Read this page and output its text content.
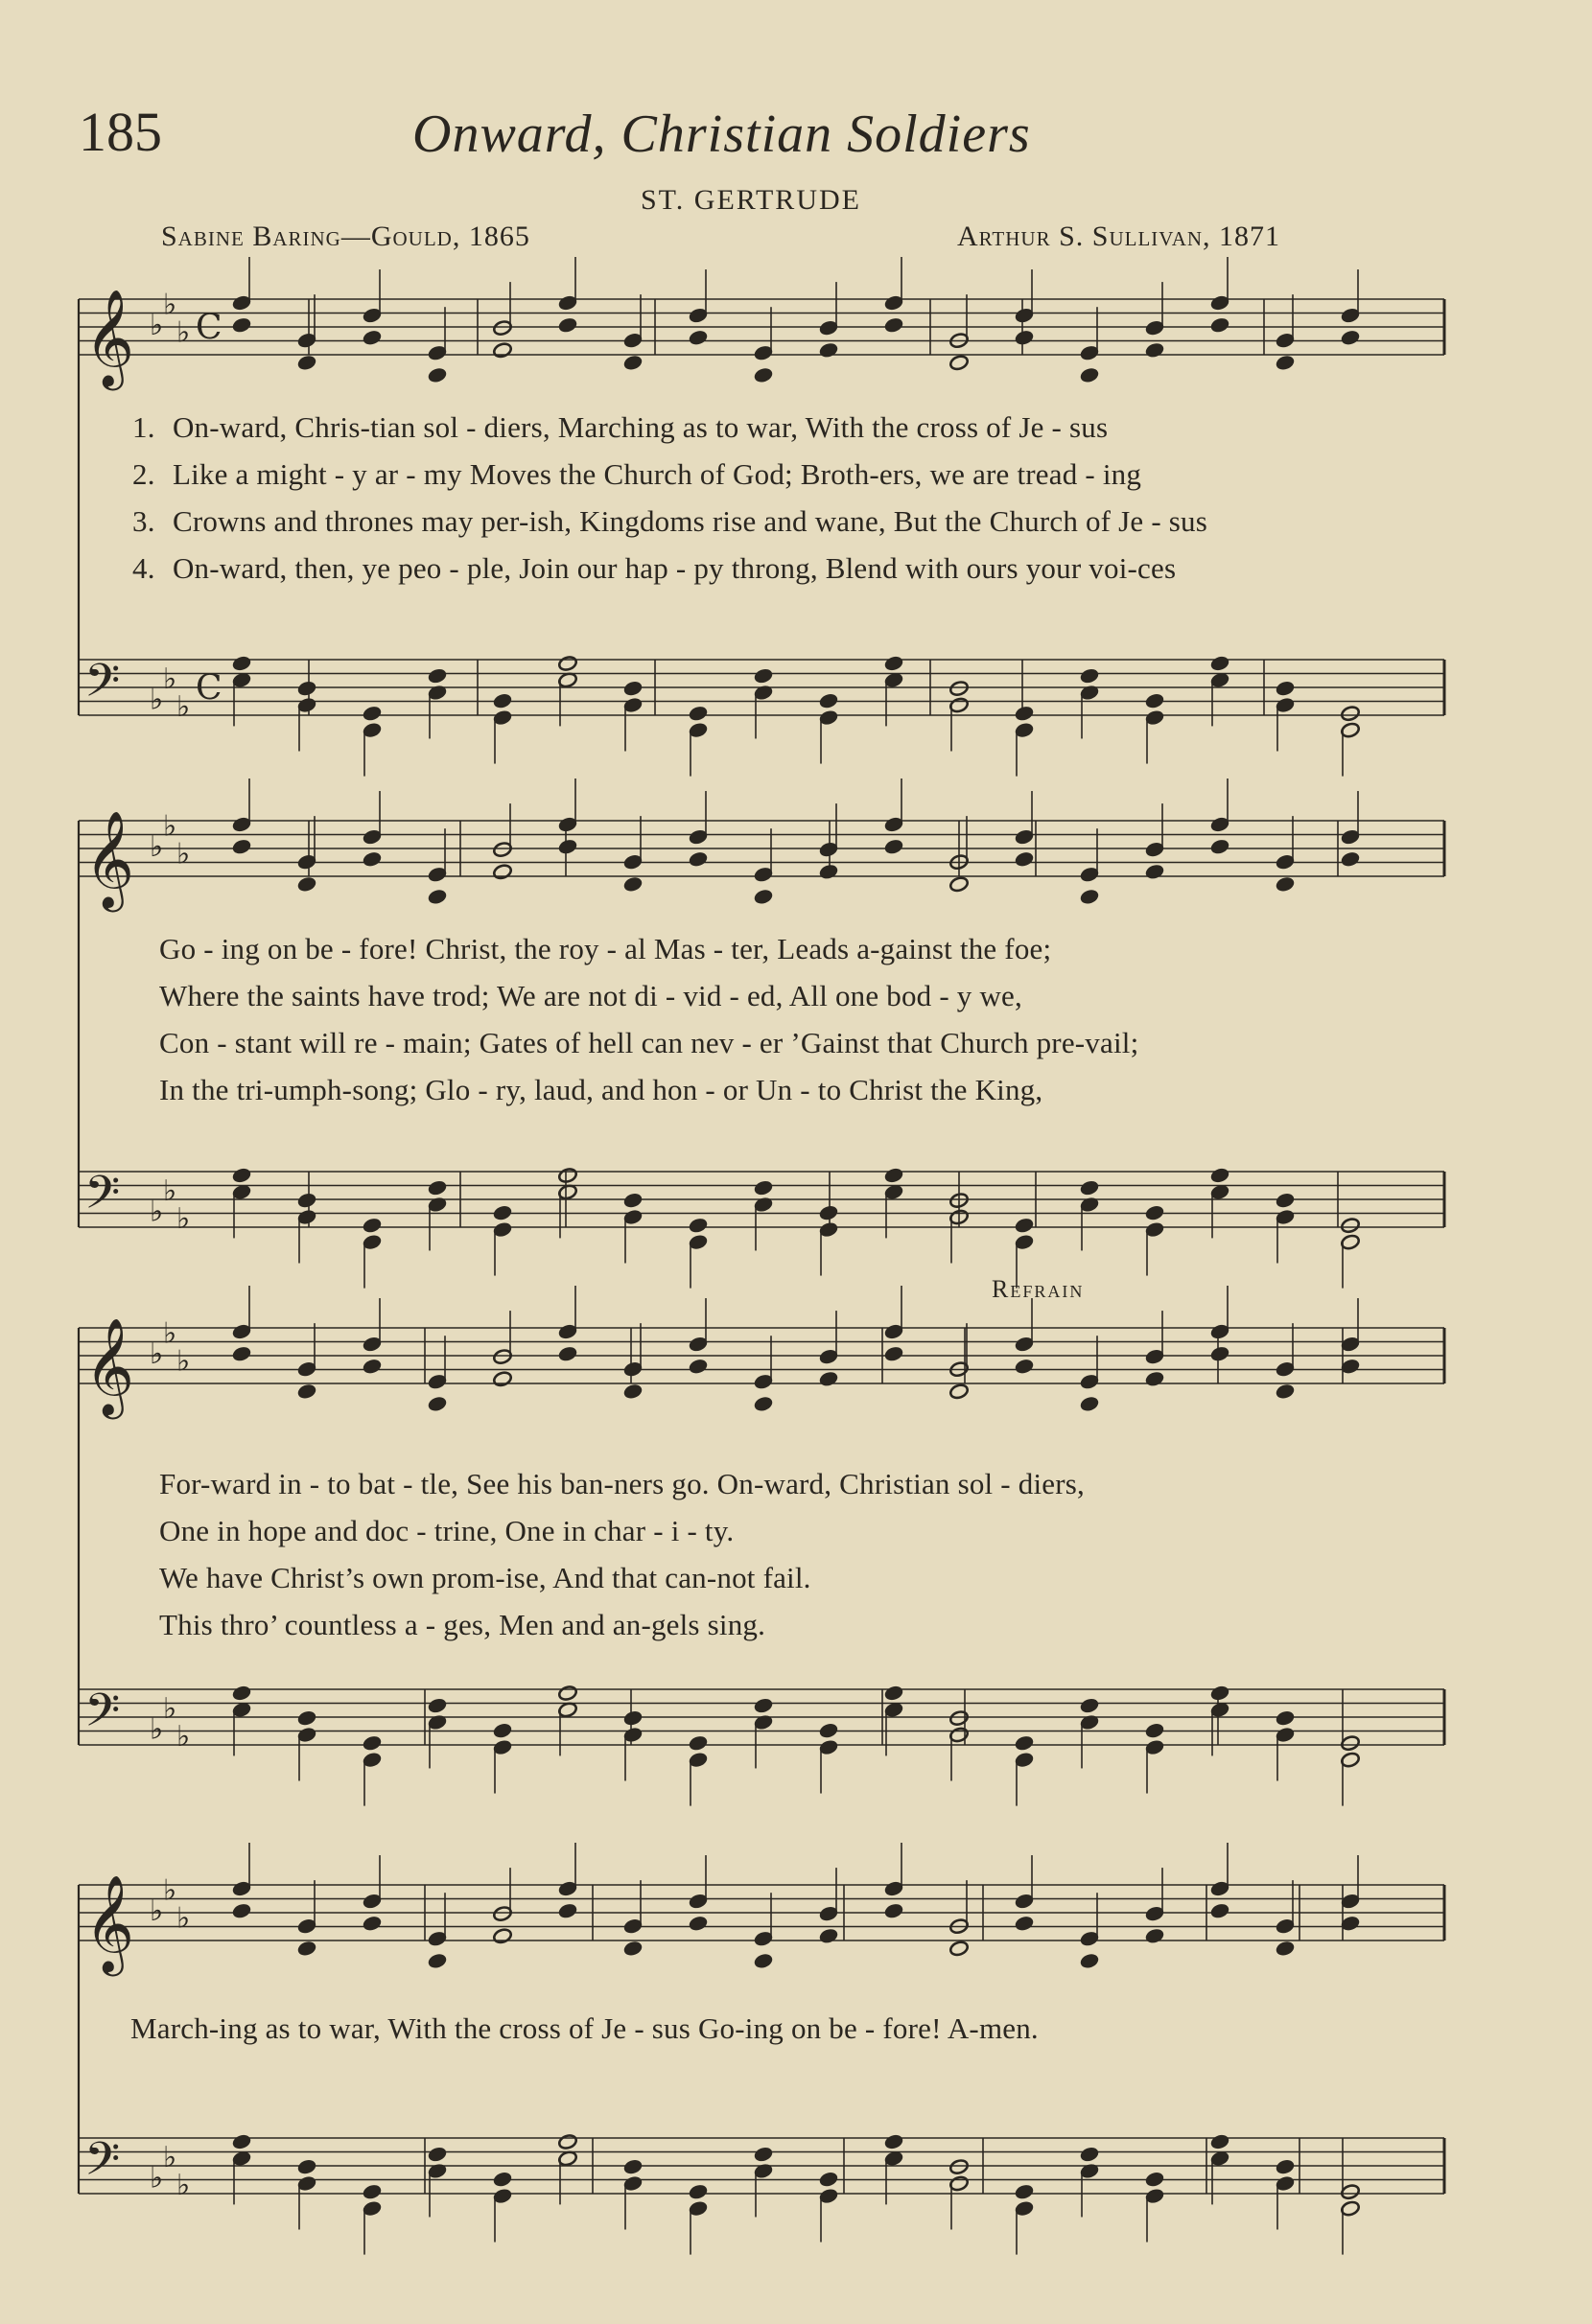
185	Onward, Christian Soldiers
ST. GERTRUDE
Sabine Baring—Gould, 1865	Arthur S. Sullivan, 1871
𝄞 ♭
♭
♭ C
𝄢 ♭
♭
♭ C
𝄞 ♭
♭
♭
𝄢 ♭
♭
♭
𝄞 ♭
♭
♭
𝄢 ♭
♭
♭
𝄞 ♭
♭
♭
𝄢 ♭
♭
♭
1. On-ward, Chris-tian sol - diers, Marching as to war, With the cross of Je - sus
2. Like a might - y ar - my Moves the Church of God; Broth-ers, we are tread - ing
3. Crowns and thrones may per-ish, Kingdoms rise and wane, But the Church of Je - sus
4. On-ward, then, ye peo - ple, Join our hap - py throng, Blend with ours your voi-ces
Go - ing on be - fore! Christ, the roy - al Mas - ter, Leads a-gainst the foe;
Where the saints have trod; We are not di - vid - ed, All one bod - y we,
Con - stant will re - main; Gates of hell can nev - er ’Gainst that Church pre-vail;
In the tri-umph-song; Glo - ry, laud, and hon - or Un - to Christ the King,
Refrain
For-ward in - to bat - tle, See his ban-ners go. On-ward, Christian sol - diers,
One in hope and doc - trine, One in char - i - ty.
We have Christ’s own prom-ise, And that can-not fail.
This thro’ countless a - ges, Men and an-gels sing.
March-ing as to war, With the cross of Je - sus Go-ing on be - fore! A-men.
